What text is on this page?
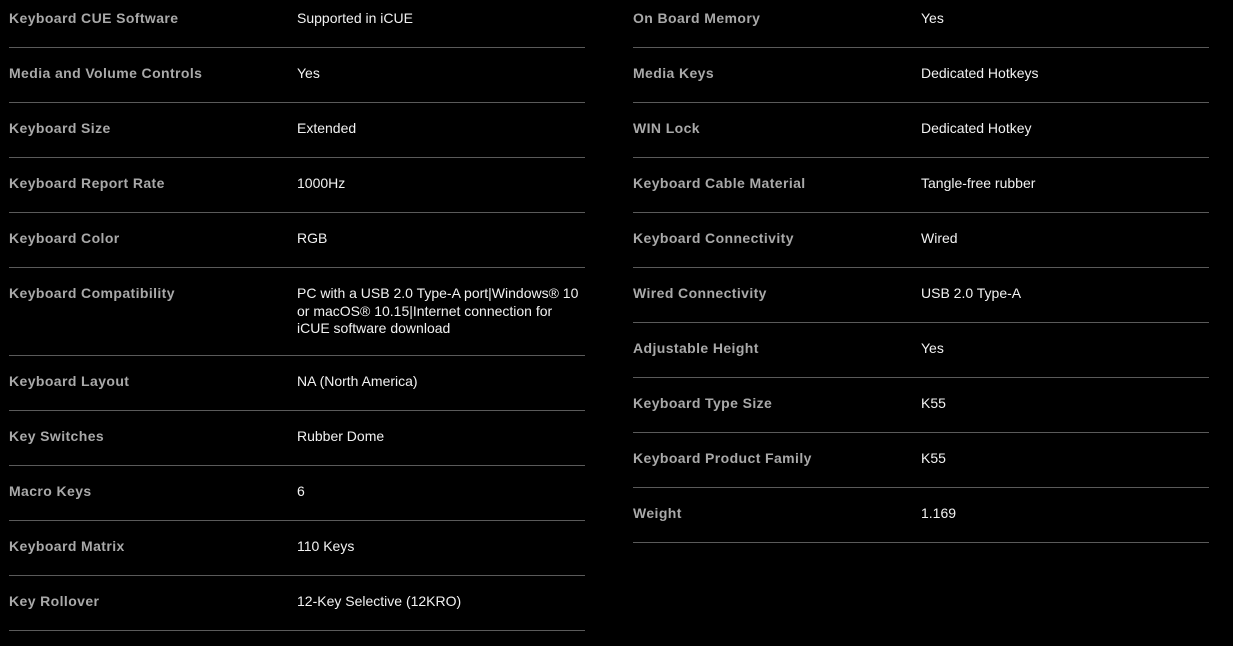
Keyboard CUE Software	Supported in iCUE
Media and Volume Controls	Yes
Keyboard Size	Extended
Keyboard Report Rate	1000Hz
Keyboard Color	RGB
Keyboard Compatibility	PC with a USB 2.0 Type-A port|Windows® 10 or macOS® 10.15|Internet connection for iCUE software download
Keyboard Layout	NA (North America)
Key Switches	Rubber Dome
Macro Keys	6
Keyboard Matrix	110 Keys
Key Rollover	12-Key Selective (12KRO)
On Board Memory	Yes
Media Keys	Dedicated Hotkeys
WIN Lock	Dedicated Hotkey
Keyboard Cable Material	Tangle-free rubber
Keyboard Connectivity	Wired
Wired Connectivity	USB 2.0 Type-A
Adjustable Height	Yes
Keyboard Type Size	K55
Keyboard Product Family	K55
Weight	1.169
